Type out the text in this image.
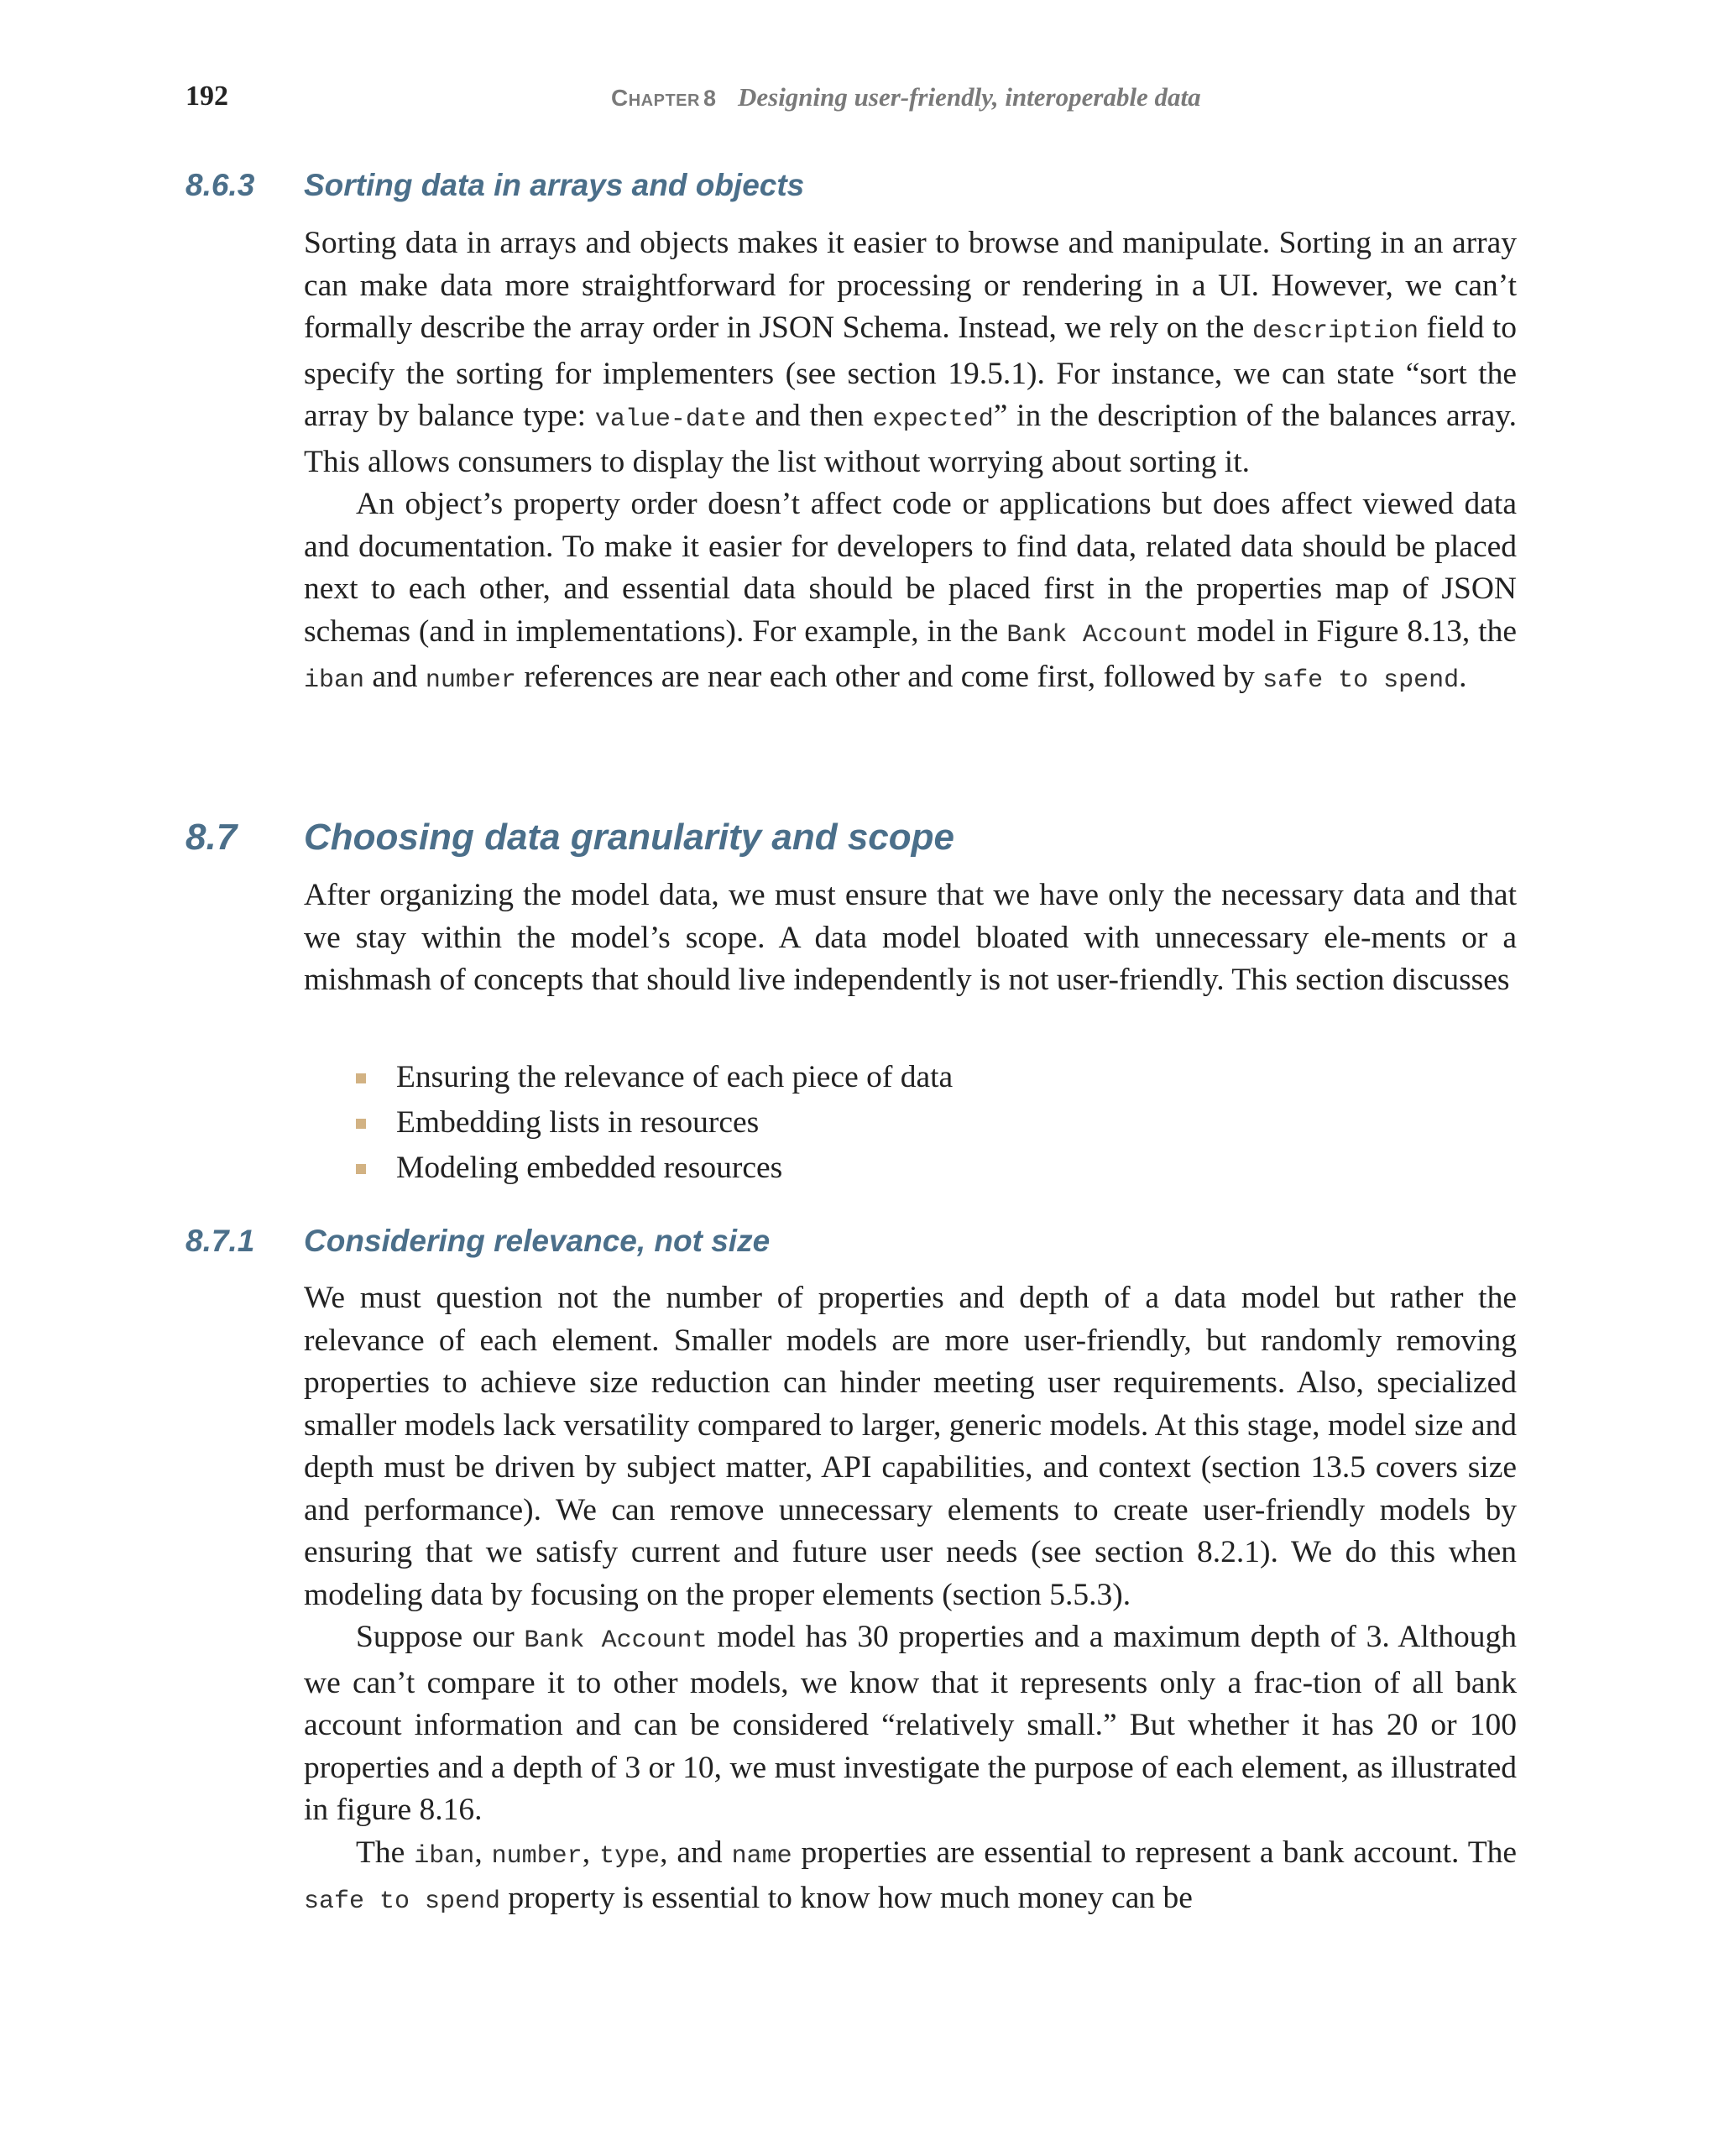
192	Chapter 8 Designing user-friendly, interoperable data
8.6.3 Sorting data in arrays and objects

Sorting data in arrays and objects makes it easier to browse and manipulate. Sorting in an array can make data more straightforward for processing or rendering in a UI. However, we can’t formally describe the array order in JSON Schema. Instead, we rely on the description field to specify the sorting for implementers (see section 19.5.1). For instance, we can state “sort the array by balance type: value-date and then expected” in the description of the balances array. This allows consumers to display the list without worrying about sorting it.

An object’s property order doesn’t affect code or applications but does affect viewed data and documentation. To make it easier for developers to find data, related data should be placed next to each other, and essential data should be placed first in the properties map of JSON schemas (and in implementations). For example, in the Bank Account model in Figure 8.13, the iban and number references are near each other and come first, followed by safe to spend.

8.7 Choosing data granularity and scope

After organizing the model data, we must ensure that we have only the necessary data and that we stay within the model’s scope. A data model bloated with unnecessary ele-ments or a mishmash of concepts that should live independently is not user-friendly. This section discusses

Ensuring the relevance of each piece of data
Embedding lists in resources
Modeling embedded resources
8.7.1 Considering relevance, not size

We must question not the number of properties and depth of a data model but rather the relevance of each element. Smaller models are more user-friendly, but randomly removing properties to achieve size reduction can hinder meeting user requirements. Also, specialized smaller models lack versatility compared to larger, generic models. At this stage, model size and depth must be driven by subject matter, API capabilities, and context (section 13.5 covers size and performance). We can remove unnecessary elements to create user-friendly models by ensuring that we satisfy current and future user needs (see section 8.2.1). We do this when modeling data by focusing on the proper elements (section 5.5.3).

Suppose our Bank Account model has 30 properties and a maximum depth of 3. Although we can’t compare it to other models, we know that it represents only a frac-tion of all bank account information and can be considered “relatively small.” But whether it has 20 or 100 properties and a depth of 3 or 10, we must investigate the purpose of each element, as illustrated in figure 8.16.

The iban, number, type, and name properties are essential to represent a bank account. The safe to spend property is essential to know how much money can be
